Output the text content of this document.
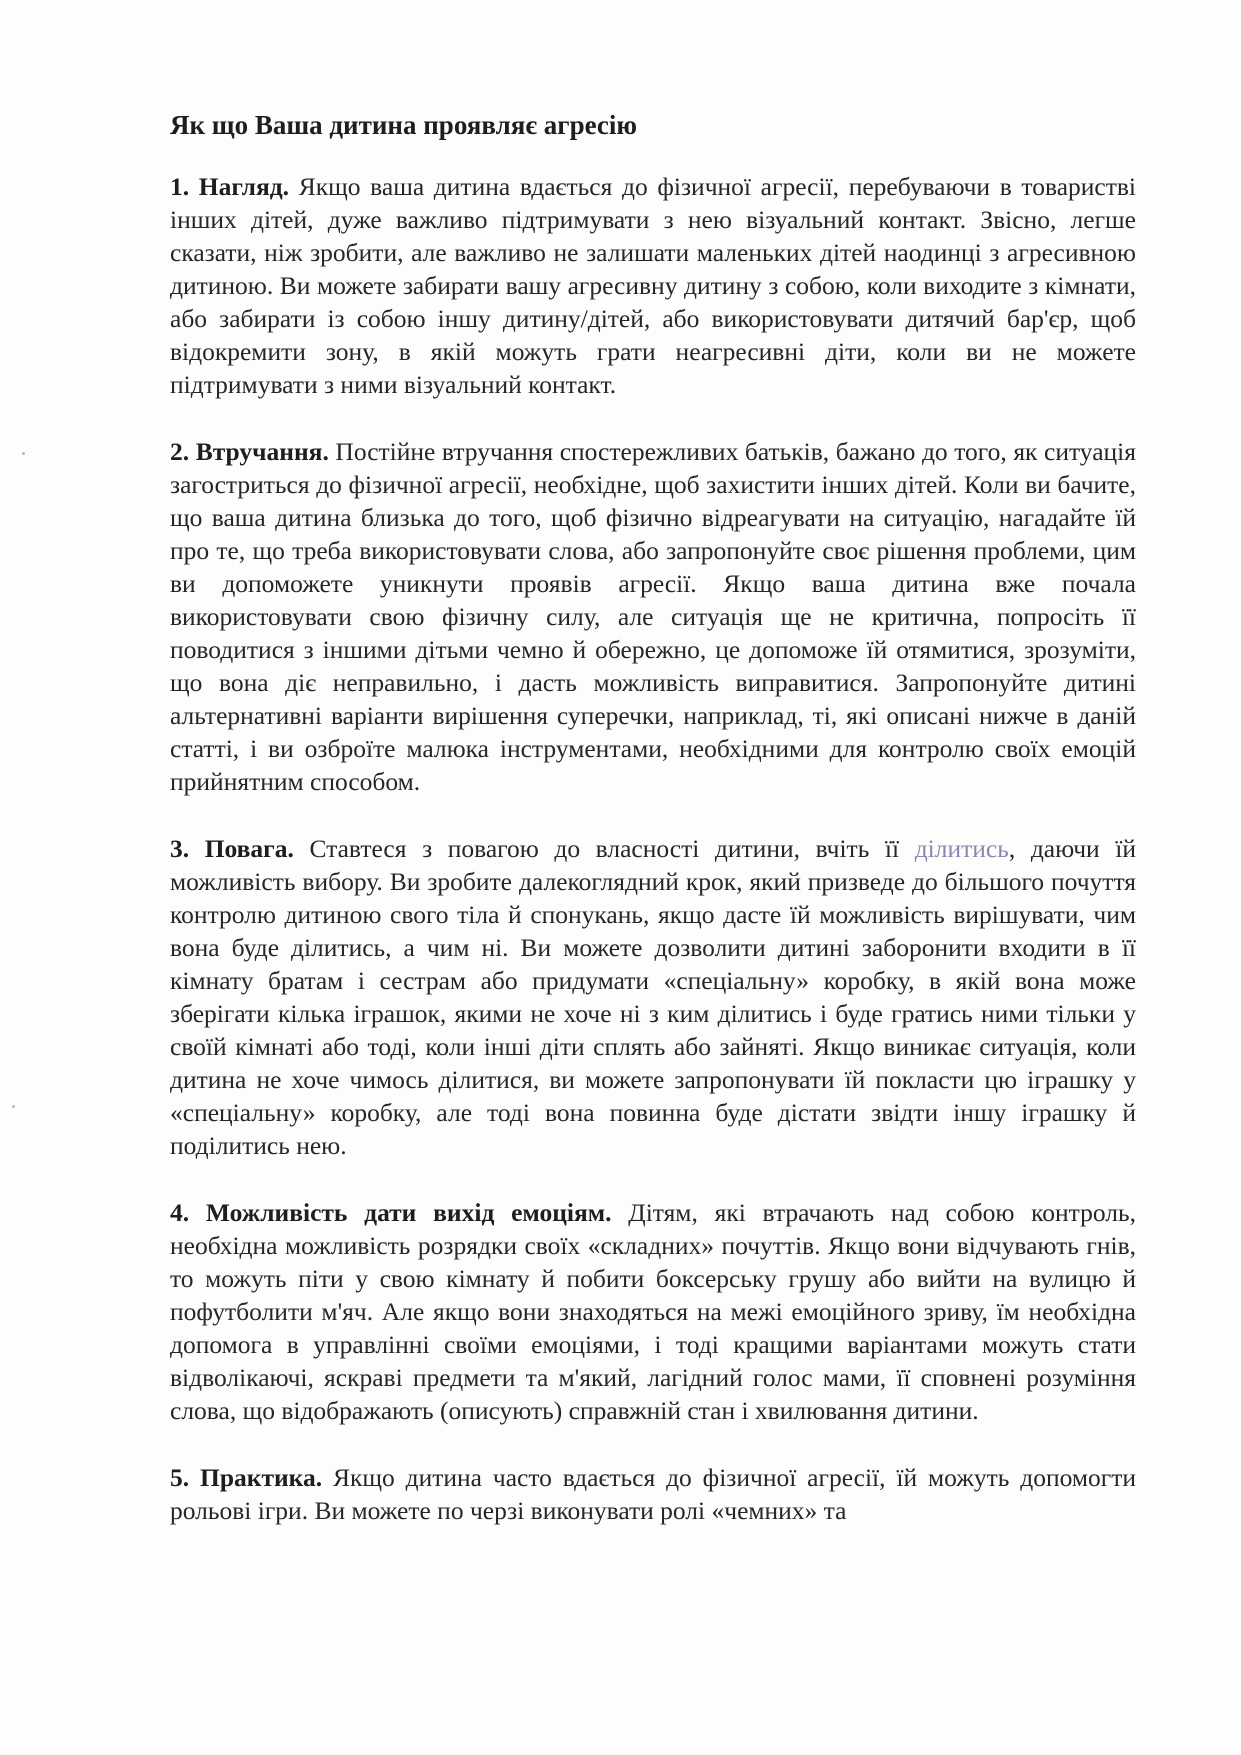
Як що Ваша дитина проявляє агресію

1. Нагляд. Якщо ваша дитина вдається до фізичної агресії, перебуваючи в товаристві інших дітей, дуже важливо підтримувати з нею візуальний контакт. Звісно, легше сказати, ніж зробити, але важливо не залишати маленьких дітей наодинці з агресивною дитиною. Ви можете забирати вашу агресивну дитину з собою, коли виходите з кімнати, або забирати із собою іншу дитину/дітей, або використовувати дитячий бар'єр, щоб відокремити зону, в якій можуть грати неагресивні діти, коли ви не можете підтримувати з ними візуальний контакт.

2. Втручання. Постійне втручання спостережливих батьків, бажано до того, як ситуація загостриться до фізичної агресії, необхідне, щоб захистити інших дітей. Коли ви бачите, що ваша дитина близька до того, щоб фізично відреагувати на ситуацію, нагадайте їй про те, що треба використовувати слова, або запропонуйте своє рішення проблеми, цим ви допоможете уникнути проявів агресії. Якщо ваша дитина вже почала використовувати свою фізичну силу, але ситуація ще не критична, попросіть її поводитися з іншими дітьми чемно й обережно, це допоможе їй отямитися, зрозуміти, що вона діє неправильно, і дасть можливість виправитися. Запропонуйте дитині альтернативні варіанти вирішення суперечки, наприклад, ті, які описані нижче в даній статті, і ви озброїте малюка інструментами, необхідними для контролю своїх емоцій прийнятним способом.

3. Повага. Ставтеся з повагою до власності дитини, вчіть її ділитись, даючи їй можливість вибору. Ви зробите далекоглядний крок, який призведе до більшого почуття контролю дитиною свого тіла й спонукань, якщо дасте їй можливість вирішувати, чим вона буде ділитись, а чим ні. Ви можете дозволити дитині заборонити входити в її кімнату братам і сестрам або придумати «спеціальну» коробку, в якій вона може зберігати кілька іграшок, якими не хоче ні з ким ділитись і буде гратись ними тільки у своїй кімнаті або тоді, коли інші діти сплять або зайняті. Якщо виникає ситуація, коли дитина не хоче чимось ділитися, ви можете запропонувати їй покласти цю іграшку у «спеціальну» коробку, але тоді вона повинна буде дістати звідти іншу іграшку й поділитись нею.

4. Можливість дати вихід емоціям. Дітям, які втрачають над собою контроль, необхідна можливість розрядки своїх «складних» почуттів. Якщо вони відчувають гнів, то можуть піти у свою кімнату й побити боксерську грушу або вийти на вулицю й пофутболити м'яч. Але якщо вони знаходяться на межі емоційного зриву, їм необхідна допомога в управлінні своїми емоціями, і тоді кращими варіантами можуть стати відволікаючі, яскраві предмети та м'який, лагідний голос мами, її сповнені розуміння слова, що відображають (описують) справжній стан і хвилювання дитини.

5. Практика. Якщо дитина часто вдається до фізичної агресії, їй можуть допомогти рольові ігри. Ви можете по черзі виконувати ролі «чемних» та
